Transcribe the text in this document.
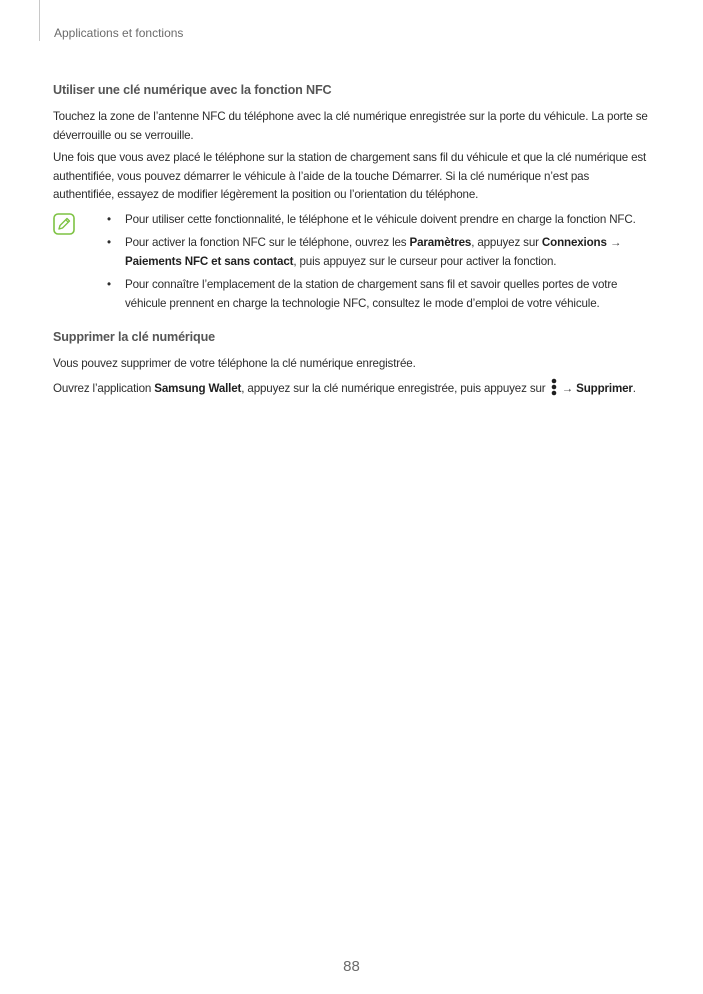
Applications et fonctions
Utiliser une clé numérique avec la fonction NFC

Touchez la zone de l’antenne NFC du téléphone avec la clé numérique enregistrée sur la porte du véhicule. La porte se déverrouille ou se verrouille.

Une fois que vous avez placé le téléphone sur la station de chargement sans fil du véhicule et que la clé numérique est authentifiée, vous pouvez démarrer le véhicule à l’aide de la touche Démarrer. Si la clé numérique n’est pas authentifiée, essayez de modifier légèrement la position ou l’orientation du téléphone.

• Pour utiliser cette fonctionnalité, le téléphone et le véhicule doivent prendre en charge la fonction NFC.
• Pour activer la fonction NFC sur le téléphone, ouvrez les Paramètres, appuyez sur Connexions → Paiements NFC et sans contact, puis appuyez sur le curseur pour activer la fonction.
• Pour connaître l’emplacement de la station de chargement sans fil et savoir quelles portes de votre véhicule prennent en charge la technologie NFC, consultez le mode d’emploi de votre véhicule.
Supprimer la clé numérique

Vous pouvez supprimer de votre téléphone la clé numérique enregistrée.

Ouvrez l’application Samsung Wallet, appuyez sur la clé numérique enregistrée, puis appuyez sur  → Supprimer.

88
